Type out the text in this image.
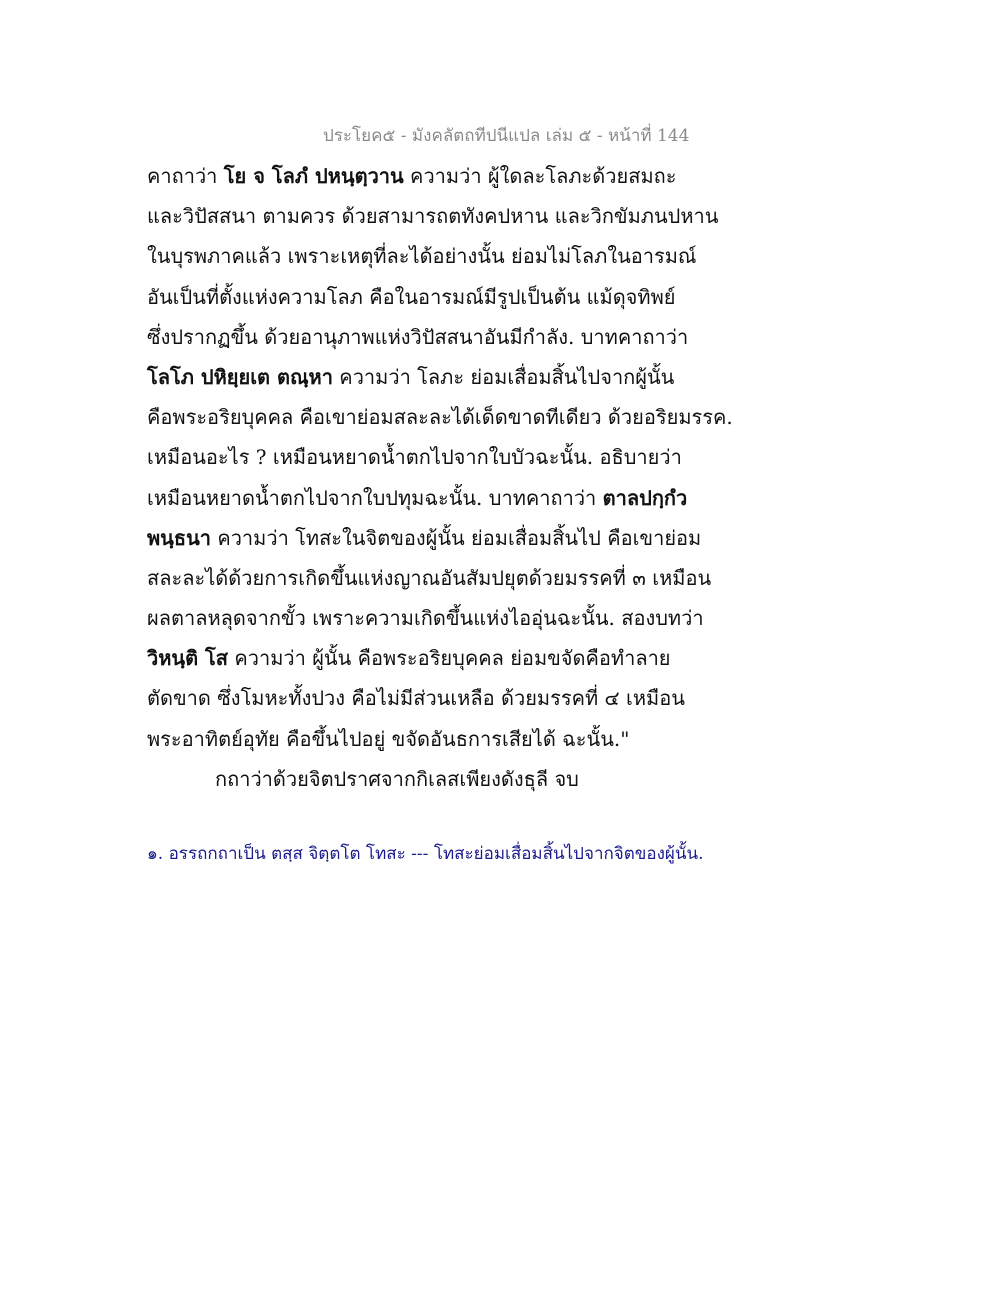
ประโยค๕ - มังคลัตถทีปนีแปล เล่ม ๕ - หน้าที่ 144
คาถาว่า โย จ โลภํ ปหนฺตฺวาน ความว่า ผู้ใดละโลภะด้วยสมถะ
และวิปัสสนา ตามควร ด้วยสามารถตทังคปหาน และวิกขัมภนปหาน
ในบุรพภาคแล้ว เพราะเหตุที่ละได้อย่างนั้น ย่อมไม่โลภในอารมณ์
อันเป็นที่ตั้งแห่งความโลภ คือในอารมณ์มีรูปเป็นต้น แม้ดุจทิพย์
ซึ่งปรากฏขึ้น ด้วยอานุภาพแห่งวิปัสสนาอันมีกำลัง. บาทคาถาว่า
โลโภ ปหิยฺยเต ตณฺหา ความว่า โลภะ ย่อมเสื่อมสิ้นไปจากผู้นั้น
คือพระอริยบุคคล คือเขาย่อมสละละได้เด็ดขาดทีเดียว ด้วยอริยมรรค.
เหมือนอะไร ? เหมือนหยาดน้ำตกไปจากใบบัวฉะนั้น. อธิบายว่า
เหมือนหยาดน้ำตกไปจากใบปทุมฉะนั้น. บาทคาถาว่า ตาลปกฺกํว
พนฺธนา ความว่า โทสะในจิตของผู้นั้น ย่อมเสื่อมสิ้นไป คือเขาย่อม
สละละได้ด้วยการเกิดขึ้นแห่งญาณอันสัมปยุตด้วยมรรคที่ ๓ เหมือน
ผลตาลหลุดจากขั้ว เพราะความเกิดขึ้นแห่งไออุ่นฉะนั้น. สองบทว่า
วิหนฺติ โส ความว่า ผู้นั้น คือพระอริยบุคคล ย่อมขจัดคือทำลาย
ตัดขาด ซึ่งโมหะทั้งปวง คือไม่มีส่วนเหลือ ด้วยมรรคที่ ๔ เหมือน
พระอาทิตย์อุทัย คือขึ้นไปอยู่ ขจัดอันธการเสียได้ ฉะนั้น."
กถาว่าด้วยจิตปราศจากกิเลสเพียงดังธุลี จบ
๑. อรรถกถาเป็น ตสฺส จิตฺตโต โทสะ --- โทสะย่อมเสื่อมสิ้นไปจากจิตของผู้นั้น.
